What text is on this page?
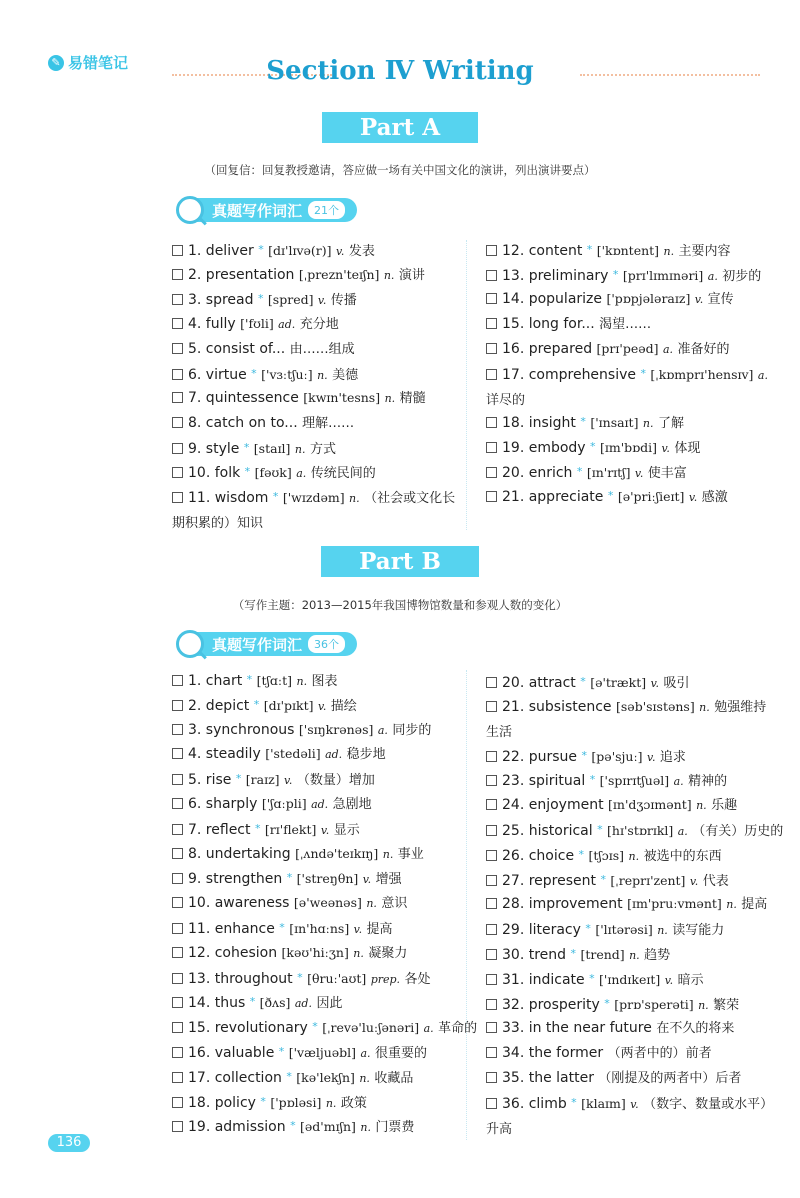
✎ 易错笔记	Section Ⅳ Writing
Part A
（回复信：回复教授邀请，答应做一场有关中国文化的演讲，列出演讲要点）
真题写作词汇	21个
1. deliver * [dɪ'lɪvə(r)] v. 发表
2. presentation [ˌprezn'teɪʃn] n. 演讲
3. spread * [spred] v. 传播
4. fully ['fʊli] ad. 充分地
5. consist of... 由……组成
6. virtue * ['vɜːtʃuː] n. 美德
7. quintessence [kwɪn'tesns] n. 精髓
8. catch on to... 理解……
9. style * [staɪl] n. 方式
10. folk * [fəʊk] a. 传统民间的
11. wisdom * ['wɪzdəm] n. （社会或文化长期积累的）知识
12. content * ['kɒntent] n. 主要内容
13. preliminary * [prɪ'lɪmɪnəri] a. 初步的
14. popularize ['pɒpjələraɪz] v. 宣传
15. long for... 渴望……
16. prepared [prɪ'peəd] a. 准备好的
17. comprehensive * [ˌkɒmprɪ'hensɪv] a. 详尽的
18. insight * ['ɪnsaɪt] n. 了解
19. embody * [ɪm'bɒdi] v. 体现
20. enrich * [ɪn'rɪtʃ] v. 使丰富
21. appreciate * [ə'priːʃieɪt] v. 感激
Part B
（写作主题：2013—2015年我国博物馆数量和参观人数的变化）
真题写作词汇	36个
1. chart * [tʃɑːt] n. 图表
2. depict * [dɪ'pɪkt] v. 描绘
3. synchronous ['sɪŋkrənəs] a. 同步的
4. steadily ['stedəli] ad. 稳步地
5. rise * [raɪz] v. （数量）增加
6. sharply ['ʃɑːpli] ad. 急剧地
7. reflect * [rɪ'flekt] v. 显示
8. undertaking [ˌʌndə'teɪkɪŋ] n. 事业
9. strengthen * ['streŋθn] v. 增强
10. awareness [ə'weənəs] n. 意识
11. enhance * [ɪn'hɑːns] v. 提高
12. cohesion [kəʊ'hiːʒn] n. 凝聚力
13. throughout * [θruː'aʊt] prep. 各处
14. thus * [ðʌs] ad. 因此
15. revolutionary * [ˌrevə'luːʃənəri] a. 革命的
16. valuable * ['væljuəbl] a. 很重要的
17. collection * [kə'lekʃn] n. 收藏品
18. policy * ['pɒləsi] n. 政策
19. admission * [əd'mɪʃn] n. 门票费
20. attract * [ə'trækt] v. 吸引
21. subsistence [səb'sɪstəns] n. 勉强维持生活
22. pursue * [pə'sjuː] v. 追求
23. spiritual * ['spɪrɪtʃuəl] a. 精神的
24. enjoyment [ɪn'dʒɔɪmənt] n. 乐趣
25. historical * [hɪ'stɒrɪkl] a. （有关）历史的
26. choice * [tʃɔɪs] n. 被选中的东西
27. represent * [ˌreprɪ'zent] v. 代表
28. improvement [ɪm'pruːvmənt] n. 提高
29. literacy * ['lɪtərəsi] n. 读写能力
30. trend * [trend] n. 趋势
31. indicate * ['ɪndɪkeɪt] v. 暗示
32. prosperity * [prɒ'sperəti] n. 繁荣
33. in the near future 在不久的将来
34. the former （两者中的）前者
35. the latter （刚提及的两者中）后者
36. climb * [klaɪm] v. （数字、数量或水平）升高
136
